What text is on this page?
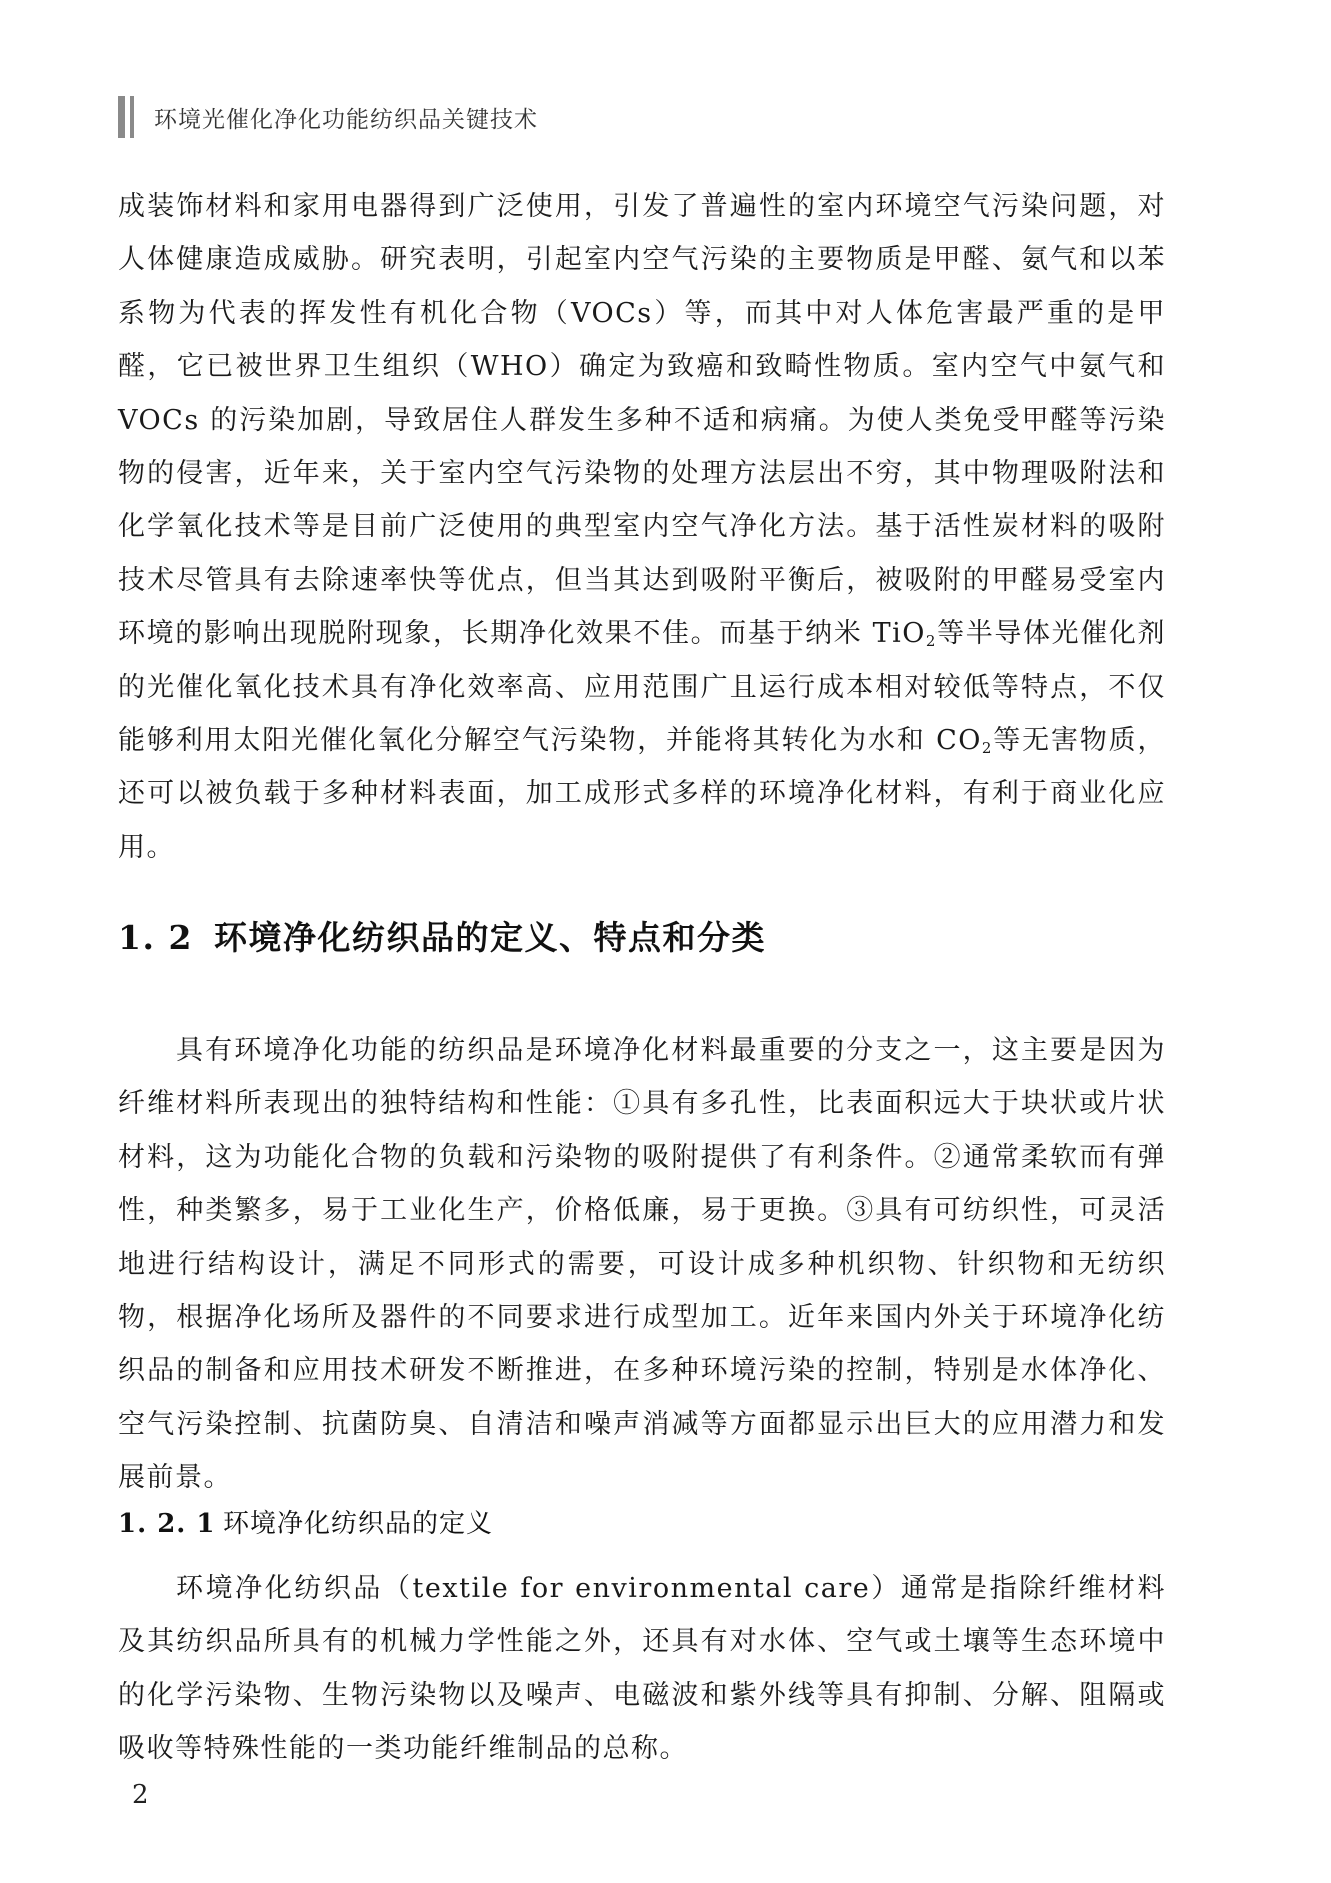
环境光催化净化功能纺织品关键技术

成装饰材料和家用电器得到广泛使用，引发了普遍性的室内环境空气污染问题，对人体健康造成威胁。研究表明，引起室内空气污染的主要物质是甲醛、氨气和以苯系物为代表的挥发性有机化合物（VOCs）等，而其中对人体危害最严重的是甲醛，它已被世界卫生组织（WHO）确定为致癌和致畸性物质。室内空气中氨气和 VOCs 的污染加剧，导致居住人群发生多种不适和病痛。为使人类免受甲醛等污染物的侵害，近年来，关于室内空气污染物的处理方法层出不穷，其中物理吸附法和化学氧化技术等是目前广泛使用的典型室内空气净化方法。基于活性炭材料的吸附技术尽管具有去除速率快等优点，但当其达到吸附平衡后，被吸附的甲醛易受室内环境的影响出现脱附现象，长期净化效果不佳。而基于纳米 TiO$_2$等半导体光催化剂的光催化氧化技术具有净化效率高、应用范围广且运行成本相对较低等特点，不仅能够利用太阳光催化氧化分解空气污染物，并能将其转化为水和 $CO_2$等无害物质，还可以被负载于多种材料表面，加工成形式多样的环境净化材料，有利于商业化应用。

1. 2 环境净化纺织品的定义、特点和分类

具有环境净化功能的纺织品是环境净化材料最重要的分支之一，这主要是因为纤维材料所表现出的独特结构和性能：①具有多孔性，比表面积远大于块状或片状材料，这为功能化合物的负载和污染物的吸附提供了有利条件。②通常柔软而有弹性，种类繁多，易于工业化生产，价格低廉，易于更换。③具有可纺织性，可灵活地进行结构设计，满足不同形式的需要，可设计成多种机织物、针织物和无纺织物，根据净化场所及器件的不同要求进行成型加工。近年来国内外关于环境净化纺织品的制备和应用技术研发不断推进，在多种环境污染的控制，特别是水体净化、空气污染控制、抗菌防臭、自清洁和噪声消减等方面都显示出巨大的应用潜力和发展前景。

1. 2. 1 环境净化纺织品的定义

环境净化纺织品（textile for environmental care）通常是指除纤维材料及其纺织品所具有的机械力学性能之外，还具有对水体、空气或土壤等生态环境中的化学污染物、生物污染物以及噪声、电磁波和紫外线等具有抑制、分解、阻隔或吸收等特殊性能的一类功能纤维制品的总称。

2
